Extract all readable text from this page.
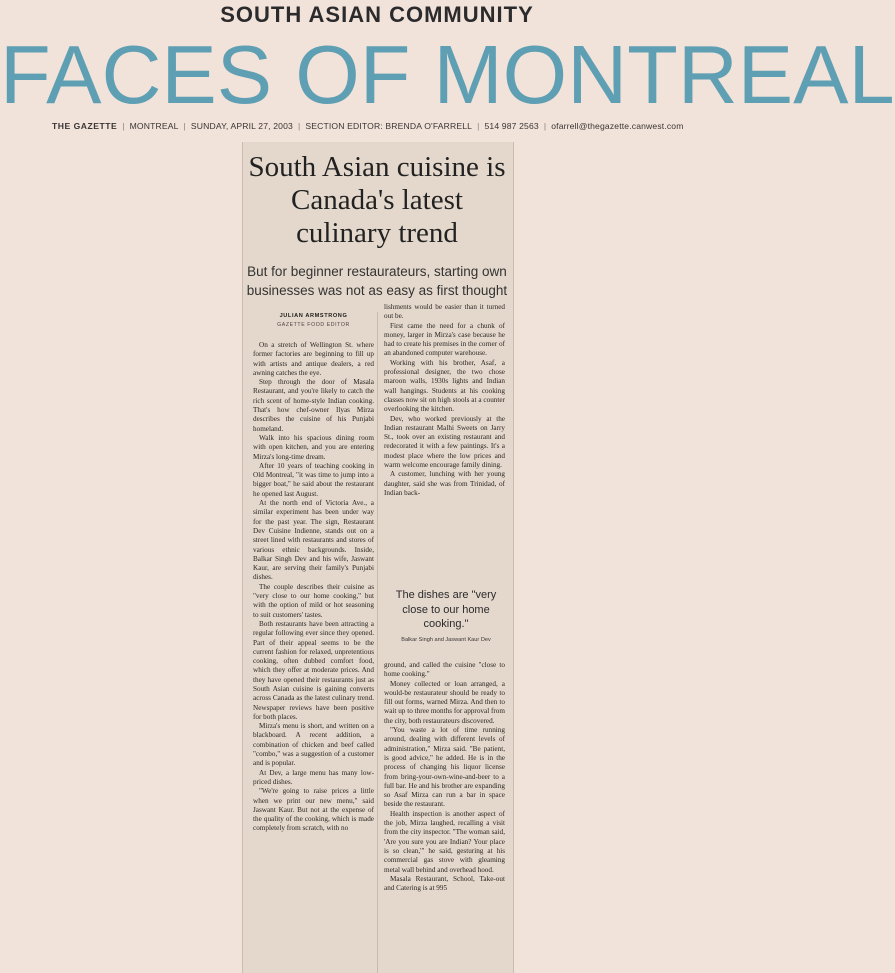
SOUTH ASIAN COMMUNITY
FACES OF MONTREAL
THE GAZETTE | MONTREAL | SUNDAY, APRIL 27, 2003 | SECTION EDITOR: BRENDA O'FARRELL | 514 987 2563 | ofarrell@thegazette.canwest.com
South Asian cuisine is Canada's latest culinary trend

But for beginner restaurateurs, starting own businesses was not as easy as first thought

JULIAN ARMSTRONG
GAZETTE FOOD EDITOR

On a stretch of Wellington St. where former factories are beginning to fill up with artists and antique dealers, a red awning catches the eye.

Step through the door of Masala Restaurant, and you're likely to catch the rich scent of home-style Indian cooking. That's how chef-owner Ilyas Mirza describes the cuisine of his Punjabi homeland.

Walk into his spacious dining room with open kitchen, and you are entering Mirza's long-time dream.

After 10 years of teaching cooking in Old Montreal, "it was time to jump into a bigger boat," he said about the restaurant he opened last August.

At the north end of Victoria Ave., a similar experiment has been under way for the past year. The sign, Restaurant Dev Cuisine Indienne, stands out on a street lined with restaurants and stores of various ethnic backgrounds. Inside, Balkar Singh Dev and his wife, Jaswant Kaur, are serving their family's Punjabi dishes.

The couple describes their cuisine as "very close to our home cooking," but with the option of mild or hot seasoning to suit customers' tastes.

Both restaurants have been attracting a regular following ever since they opened. Part of their appeal seems to be the current fashion for relaxed, unpretentious cooking, often dubbed comfort food, which they offer at moderate prices. And they have opened their restaurants just as South Asian cuisine is gaining converts across Canada as the latest culinary trend. Newspaper reviews have been positive for both places.

Mirza's menu is short, and written on a blackboard. A recent addition, a combination of chicken and beef called "combo," was a suggestion of a customer and is popular.

At Dev, a large menu has many low-priced dishes.

"We're going to raise prices a little when we print our new menu," said Jaswant Kaur. But not at the expense of the quality of the cooking, which is made completely from scratch, with no

lishments would be easier than it turned out be.

First came the need for a chunk of money, larger in Mirza's case because he had to create his premises in the corner of an abandoned computer warehouse.

Working with his brother, Asaf, a professional designer, the two chose maroon walls, 1930s lights and Indian wall hangings. Students at his cooking classes now sit on high stools at a counter overlooking the kitchen.

Dev, who worked previously at the Indian restaurant Malhi Sweets on Jarry St., took over an existing restaurant and redecorated it with a few paintings. It's a modest place where the low prices and warm welcome encourage family dining.

A customer, lunching with her young daughter, said she was from Trinidad, of Indian back-

The dishes are "very close to our home cooking."
Balkar Singh and Jaswant Kaur Dev

ground, and called the cuisine "close to home cooking."

Money collected or loan arranged, a would-be restaurateur should be ready to fill out forms, warned Mirza. And then to wait up to three months for approval from the city, both restaurateurs discovered.

"You waste a lot of time running around, dealing with different levels of administration," Mirza said. "Be patient, is good advice," he added. He is in the process of changing his liquor license from bring-your-own-wine-and-beer to a full bar. He and his brother are expanding so Asaf Mirza can run a bar in space beside the restaurant.

Health inspection is another aspect of the job, Mirza laughed, recalling a visit from the city inspector. "The woman said, 'Are you sure you are Indian? Your place is so clean,'" he said, gesturing at his commercial gas stove with gleaming metal wall behind and overhead hood.

Masala Restaurant, School, Take-out and Catering is at 995
